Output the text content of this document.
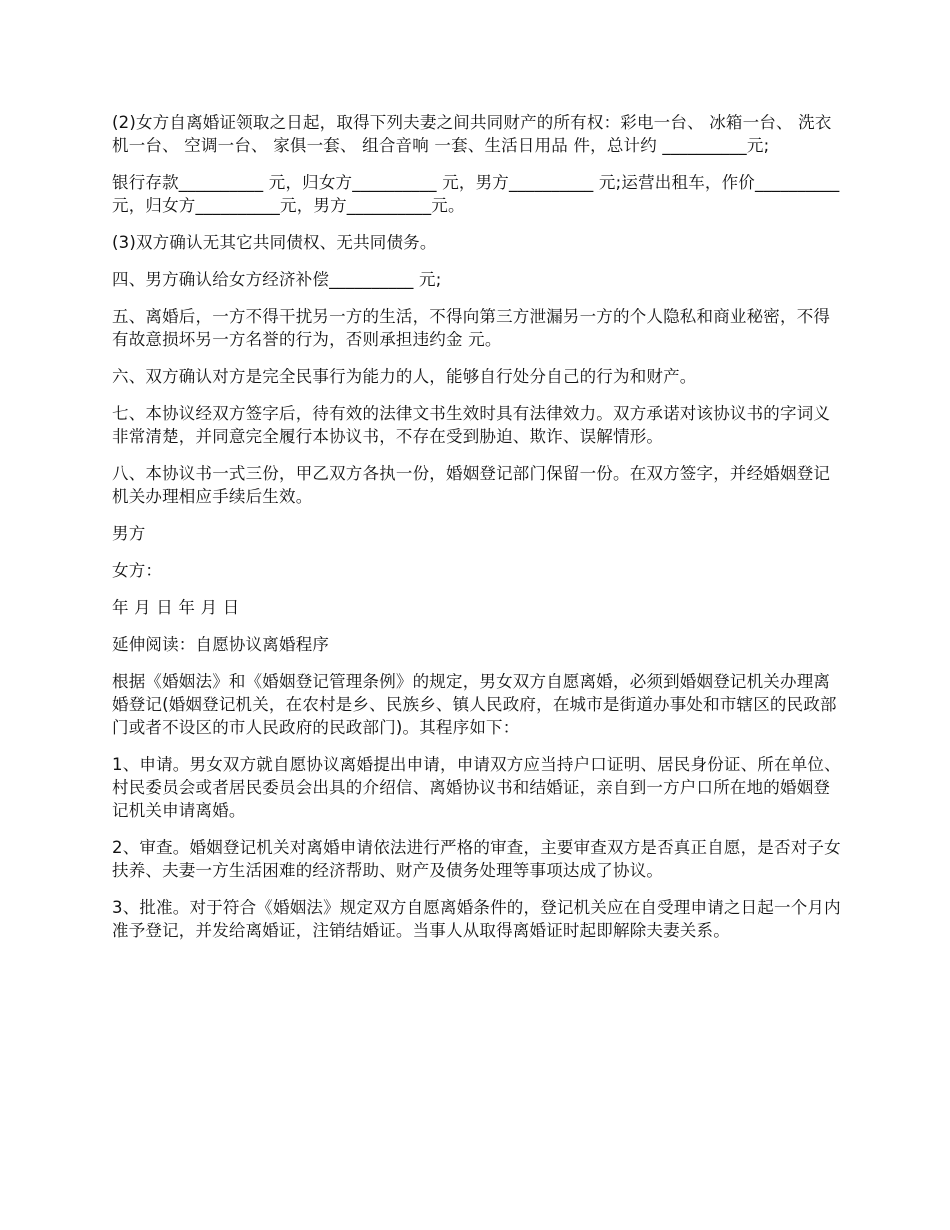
(2)女方自离婚证领取之日起，取得下列夫妻之间共同财产的所有权：彩电一台、 冰箱一台、 洗衣机一台、 空调一台、 家俱一套、 组合音响 一套、生活日用品 件，总计约 __________元;

银行存款__________ 元，归女方__________ 元，男方__________ 元;运营出租车，作价__________元，归女方__________元，男方__________元。

(3)双方确认无其它共同债权、无共同债务。

四、男方确认给女方经济补偿__________ 元;

五、离婚后，一方不得干扰另一方的生活，不得向第三方泄漏另一方的个人隐私和商业秘密，不得有故意损坏另一方名誉的行为，否则承担违约金 元。

六、双方确认对方是完全民事行为能力的人，能够自行处分自己的行为和财产。

七、本协议经双方签字后，待有效的法律文书生效时具有法律效力。双方承诺对该协议书的字词义非常清楚，并同意完全履行本协议书，不存在受到胁迫、欺诈、误解情形。

八、本协议书一式三份，甲乙双方各执一份，婚姻登记部门保留一份。在双方签字，并经婚姻登记机关办理相应手续后生效。

男方

女方：

年 月 日 年 月 日

延伸阅读：自愿协议离婚程序

根据《婚姻法》和《婚姻登记管理条例》的规定，男女双方自愿离婚，必须到婚姻登记机关办理离婚登记(婚姻登记机关，在农村是乡、民族乡、镇人民政府，在城市是街道办事处和市辖区的民政部门或者不设区的市人民政府的民政部门)。其程序如下：

1、申请。男女双方就自愿协议离婚提出申请，申请双方应当持户口证明、居民身份证、所在单位、村民委员会或者居民委员会出具的介绍信、离婚协议书和结婚证，亲自到一方户口所在地的婚姻登记机关申请离婚。

2、审查。婚姻登记机关对离婚申请依法进行严格的审查，主要审查双方是否真正自愿，是否对子女扶养、夫妻一方生活困难的经济帮助、财产及债务处理等事项达成了协议。

3、批准。对于符合《婚姻法》规定双方自愿离婚条件的，登记机关应在自受理申请之日起一个月内准予登记，并发给离婚证，注销结婚证。当事人从取得离婚证时起即解除夫妻关系。
